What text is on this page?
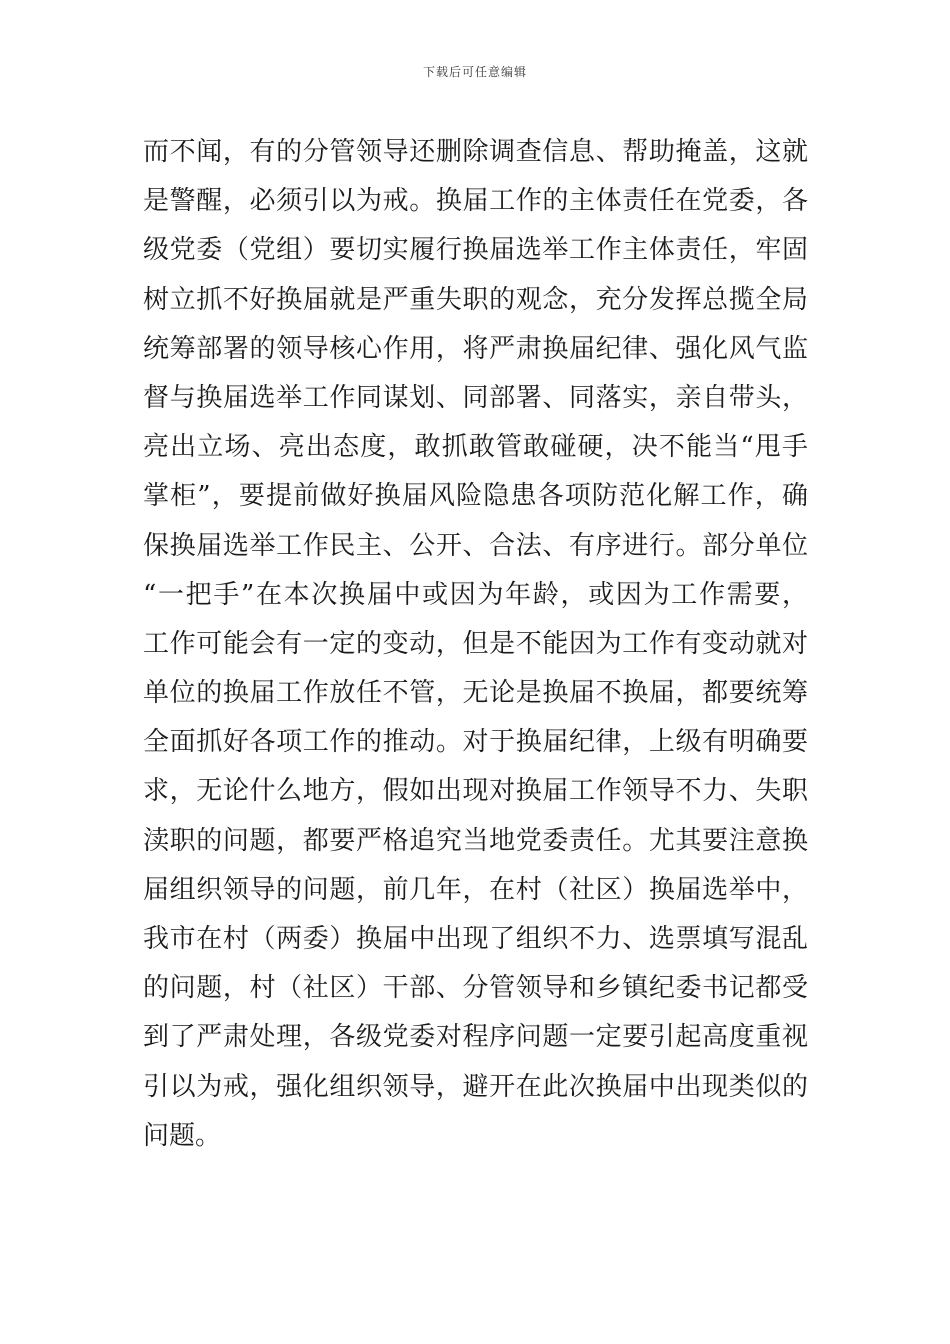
下载后可任意编辑
而不闻，有的分管领导还删除调查信息、帮助掩盖，这就
是警醒，必须引以为戒。换届工作的主体责任在党委，各
级党委（党组）要切实履行换届选举工作主体责任，牢固
树立抓不好换届就是严重失职的观念，充分发挥总揽全局
统筹部署的领导核心作用，将严肃换届纪律、强化风气监
督与换届选举工作同谋划、同部署、同落实，亲自带头，
亮出立场、亮出态度，敢抓敢管敢碰硬，决不能当“甩手
掌柜”，要提前做好换届风险隐患各项防范化解工作，确
保换届选举工作民主、公开、合法、有序进行。部分单位
“一把手”在本次换届中或因为年龄，或因为工作需要，
工作可能会有一定的变动，但是不能因为工作有变动就对
单位的换届工作放任不管，无论是换届不换届，都要统筹
全面抓好各项工作的推动。对于换届纪律，上级有明确要
求，无论什么地方，假如出现对换届工作领导不力、失职
渎职的问题，都要严格追究当地党委责任。尤其要注意换
届组织领导的问题，前几年，在村（社区）换届选举中，
我市在村（两委）换届中出现了组织不力、选票填写混乱
的问题，村（社区）干部、分管领导和乡镇纪委书记都受
到了严肃处理，各级党委对程序问题一定要引起高度重视
引以为戒，强化组织领导，避开在此次换届中出现类似的
问题。
